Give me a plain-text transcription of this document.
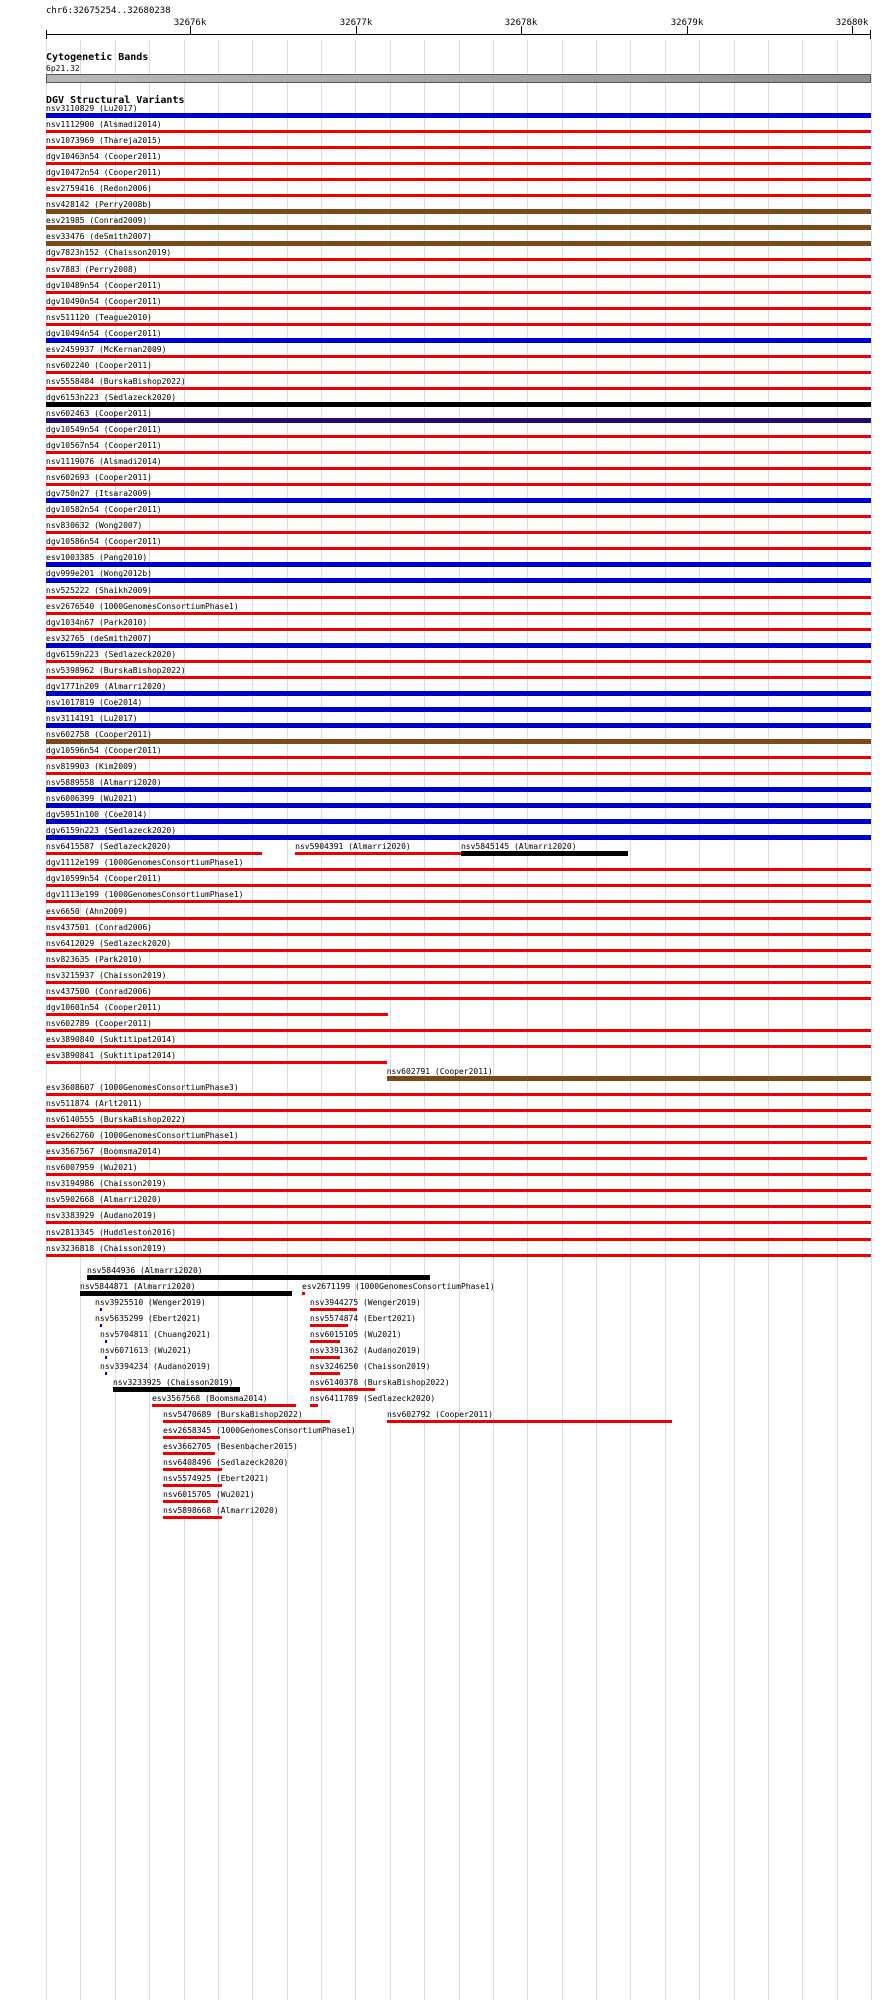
chr6:32675254..32680238
32676k	32677k	32678k	32679k	32680k
Cytogenetic Bands
6p21.32
DGV Structural Variants
nsv3110829 (Lu2017)
nsv1112900 (Alsmadi2014)
nsv1073969 (Thareja2015)
dgv10463n54 (Cooper2011)
dgv10472n54 (Cooper2011)
esv2759416 (Redon2006)
nsv428142 (Perry2008b)
esv21985 (Conrad2009)
esv33476 (deSmith2007)
dgv7823n152 (Chaisson2019)
nsv7883 (Perry2008)
dgv10489n54 (Cooper2011)
dgv10490n54 (Cooper2011)
nsv511120 (Teague2010)
dgv10494n54 (Cooper2011)
esv2459937 (McKernan2009)
nsv602240 (Cooper2011)
nsv5558484 (BurskaBishop2022)
dgv6153n223 (Sedlazeck2020)
nsv602463 (Cooper2011)
dgv10549n54 (Cooper2011)
dgv10567n54 (Cooper2011)
nsv1119076 (Alsmadi2014)
nsv602693 (Cooper2011)
dgv750n27 (Itsara2009)
dgv10582n54 (Cooper2011)
nsv830632 (Wong2007)
dgv10586n54 (Cooper2011)
esv1003385 (Pang2010)
dgv999e201 (Wong2012b)
nsv525222 (Shaikh2009)
esv2676540 (1000GenomesConsortiumPhase1)
dgv1034n67 (Park2010)
esv32765 (deSmith2007)
dgv6159n223 (Sedlazeck2020)
nsv5398962 (BurskaBishop2022)
dgv1771n209 (Almarri2020)
nsv1017819 (Coe2014)
nsv3114191 (Lu2017)
nsv602758 (Cooper2011)
dgv10596n54 (Cooper2011)
nsv819903 (Kim2009)
nsv5889558 (Almarri2020)
nsv6006399 (Wu2021)
dgv5951n100 (Coe2014)
dgv6159n223 (Sedlazeck2020)
nsv6415587 (Sedlazeck2020)	nsv5904391 (Almarri2020)	nsv5845145 (Almarri2020)
dgv1112e199 (1000GenomesConsortiumPhase1)
dgv10599n54 (Cooper2011)
dgv1113e199 (1000GenomesConsortiumPhase1)
esv6650 (Ahn2009)
nsv437501 (Conrad2006)
nsv6412029 (Sedlazeck2020)
nsv823635 (Park2010)
nsv3215937 (Chaisson2019)
nsv437500 (Conrad2006)
dgv10601n54 (Cooper2011)
nsv602789 (Cooper2011)
esv3890840 (Suktitipat2014)
esv3890841 (Suktitipat2014)
nsv602791 (Cooper2011)
esv3608607 (1000GenomesConsortiumPhase3)
nsv511874 (Arlt2011)
nsv6140555 (BurskaBishop2022)
esv2662760 (1000GenomesConsortiumPhase1)
esv3567567 (Boomsma2014)
nsv6007959 (Wu2021)
nsv3194986 (Chaisson2019)
nsv5902668 (Almarri2020)
nsv3383929 (Audano2019)
nsv2813345 (Huddleston2016)
nsv3236818 (Chaisson2019)
nsv5844936 (Almarri2020)
nsv5844871 (Almarri2020)	esv2671199 (1000GenomesConsortiumPhase1)
nsv3925510 (Wenger2019)	nsv3944275 (Wenger2019)
nsv5635299 (Ebert2021)	nsv5574874 (Ebert2021)
nsv5704811 (Chuang2021)	nsv6015105 (Wu2021)
nsv6071613 (Wu2021)	nsv3391362 (Audano2019)
nsv3394234 (Audano2019)	nsv3246250 (Chaisson2019)
nsv3233925 (Chaisson2019)	nsv6140378 (BurskaBishop2022)
esv3567568 (Boomsma2014)	nsv6411789 (Sedlazeck2020)
nsv5470689 (BurskaBishop2022)	nsv602792 (Cooper2011)
esv2658345 (1000GenomesConsortiumPhase1)
esv3662705 (Besenbacher2015)
nsv6408496 (Sedlazeck2020)
nsv5574925 (Ebert2021)
nsv6015705 (Wu2021)
nsv5898668 (Almarri2020)
